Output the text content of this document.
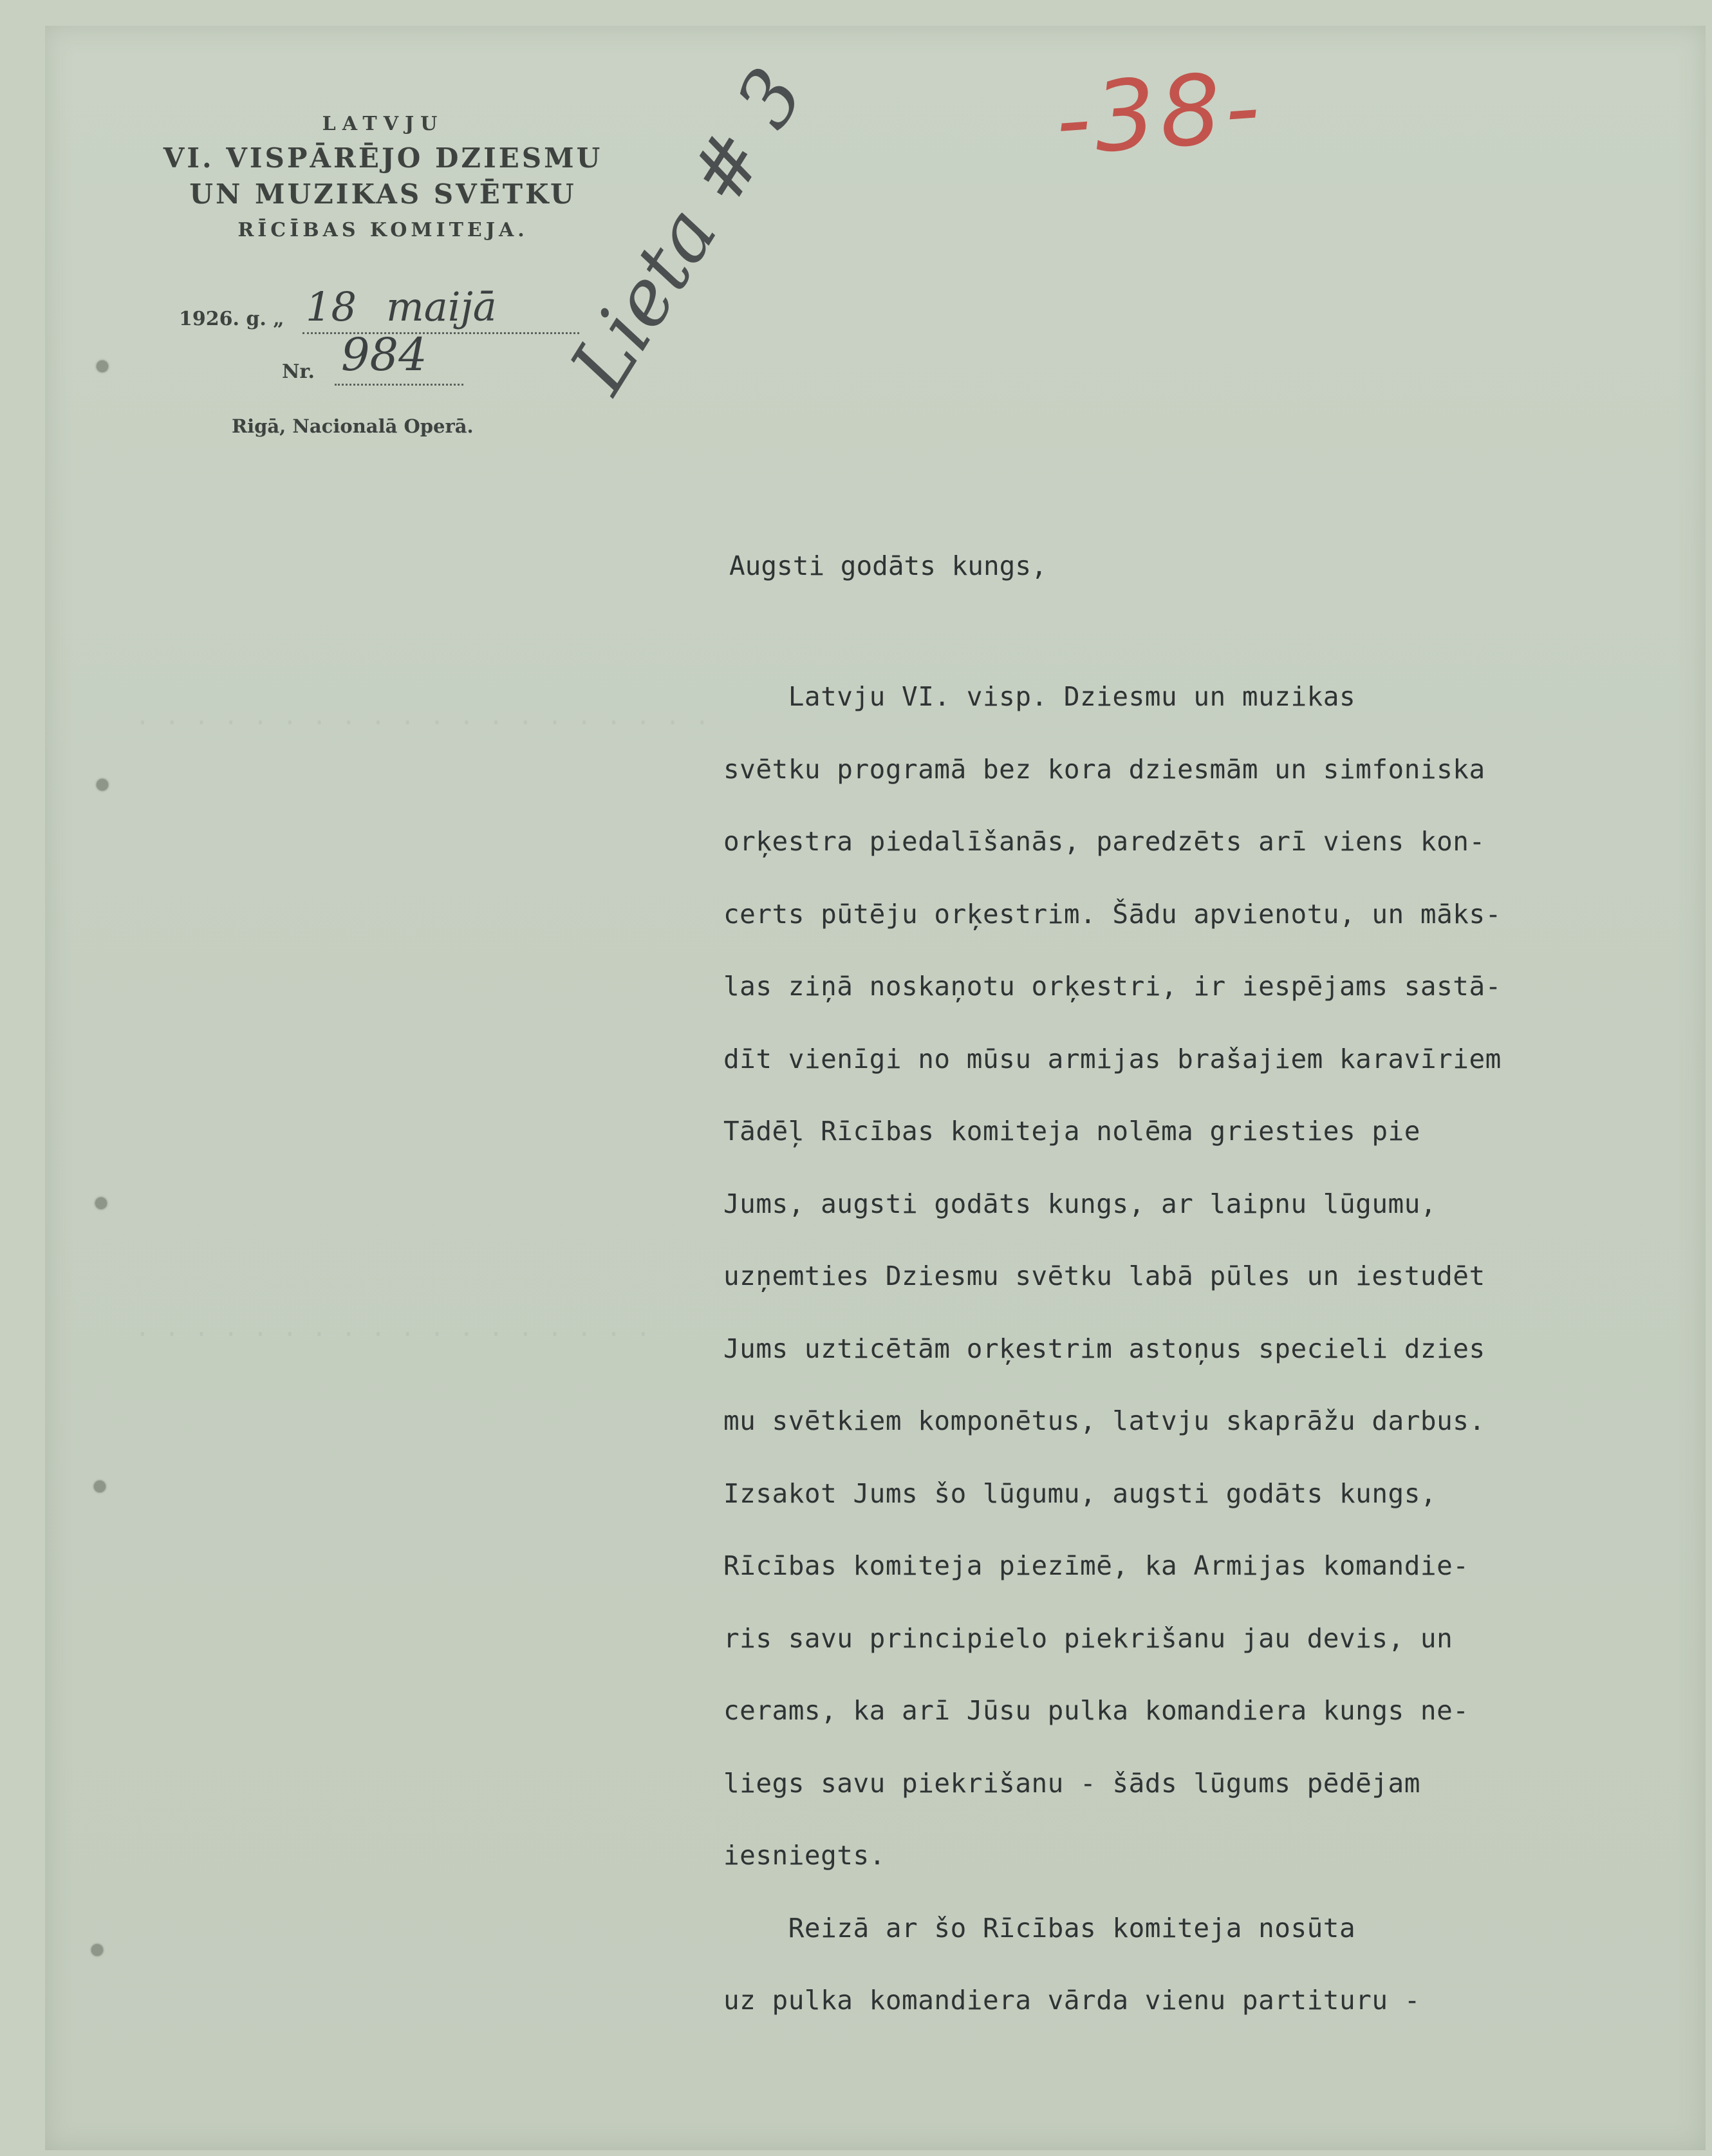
. . . . . . . . . . . . . . . . . . . .
. . . . . . . . . . . . . . . . . .

LATVJU

VI. VISPĀRĒJO DZIESMU

UN MUZIKAS SVĒTKU

RĪCĪBAS KOMITEJA.

1926. g. „ 18 maijā
Nr. 984
Rigā, Nacionalā Operā.
-38-
Lieta # 3
Augsti godāts kungs,
Latvju VI. visp. Dziesmu un muzikas
svētku programā bez kora dziesmām un simfoniska
orķestra piedalīšanās, paredzēts arī viens kon-
certs pūtēju orķestrim. Šādu apvienotu, un māks-
las ziņā noskaņotu orķestri, ir iespējams sastā-
dīt vienīgi no mūsu armijas brašajiem karavīriem
Tādēļ Rīcības komiteja nolēma griesties pie
Jums, augsti godāts kungs, ar laipnu lūgumu,
uzņemties Dziesmu svētku labā pūles un iestudēt
Jums uzticētām orķestrim astoņus specieli dzies
mu svētkiem komponētus, latvju skaprāžu darbus.
Izsakot Jums šo lūgumu, augsti godāts kungs,
Rīcības komiteja piezīmē, ka Armijas komandie-
ris savu principielo piekrišanu jau devis, un
cerams, ka arī Jūsu pulka komandiera kungs ne-
liegs savu piekrišanu - šāds lūgums pēdējam
iesniegts.
Reizā ar šo Rīcības komiteja nosūta
uz pulka komandiera vārda vienu partituru -
